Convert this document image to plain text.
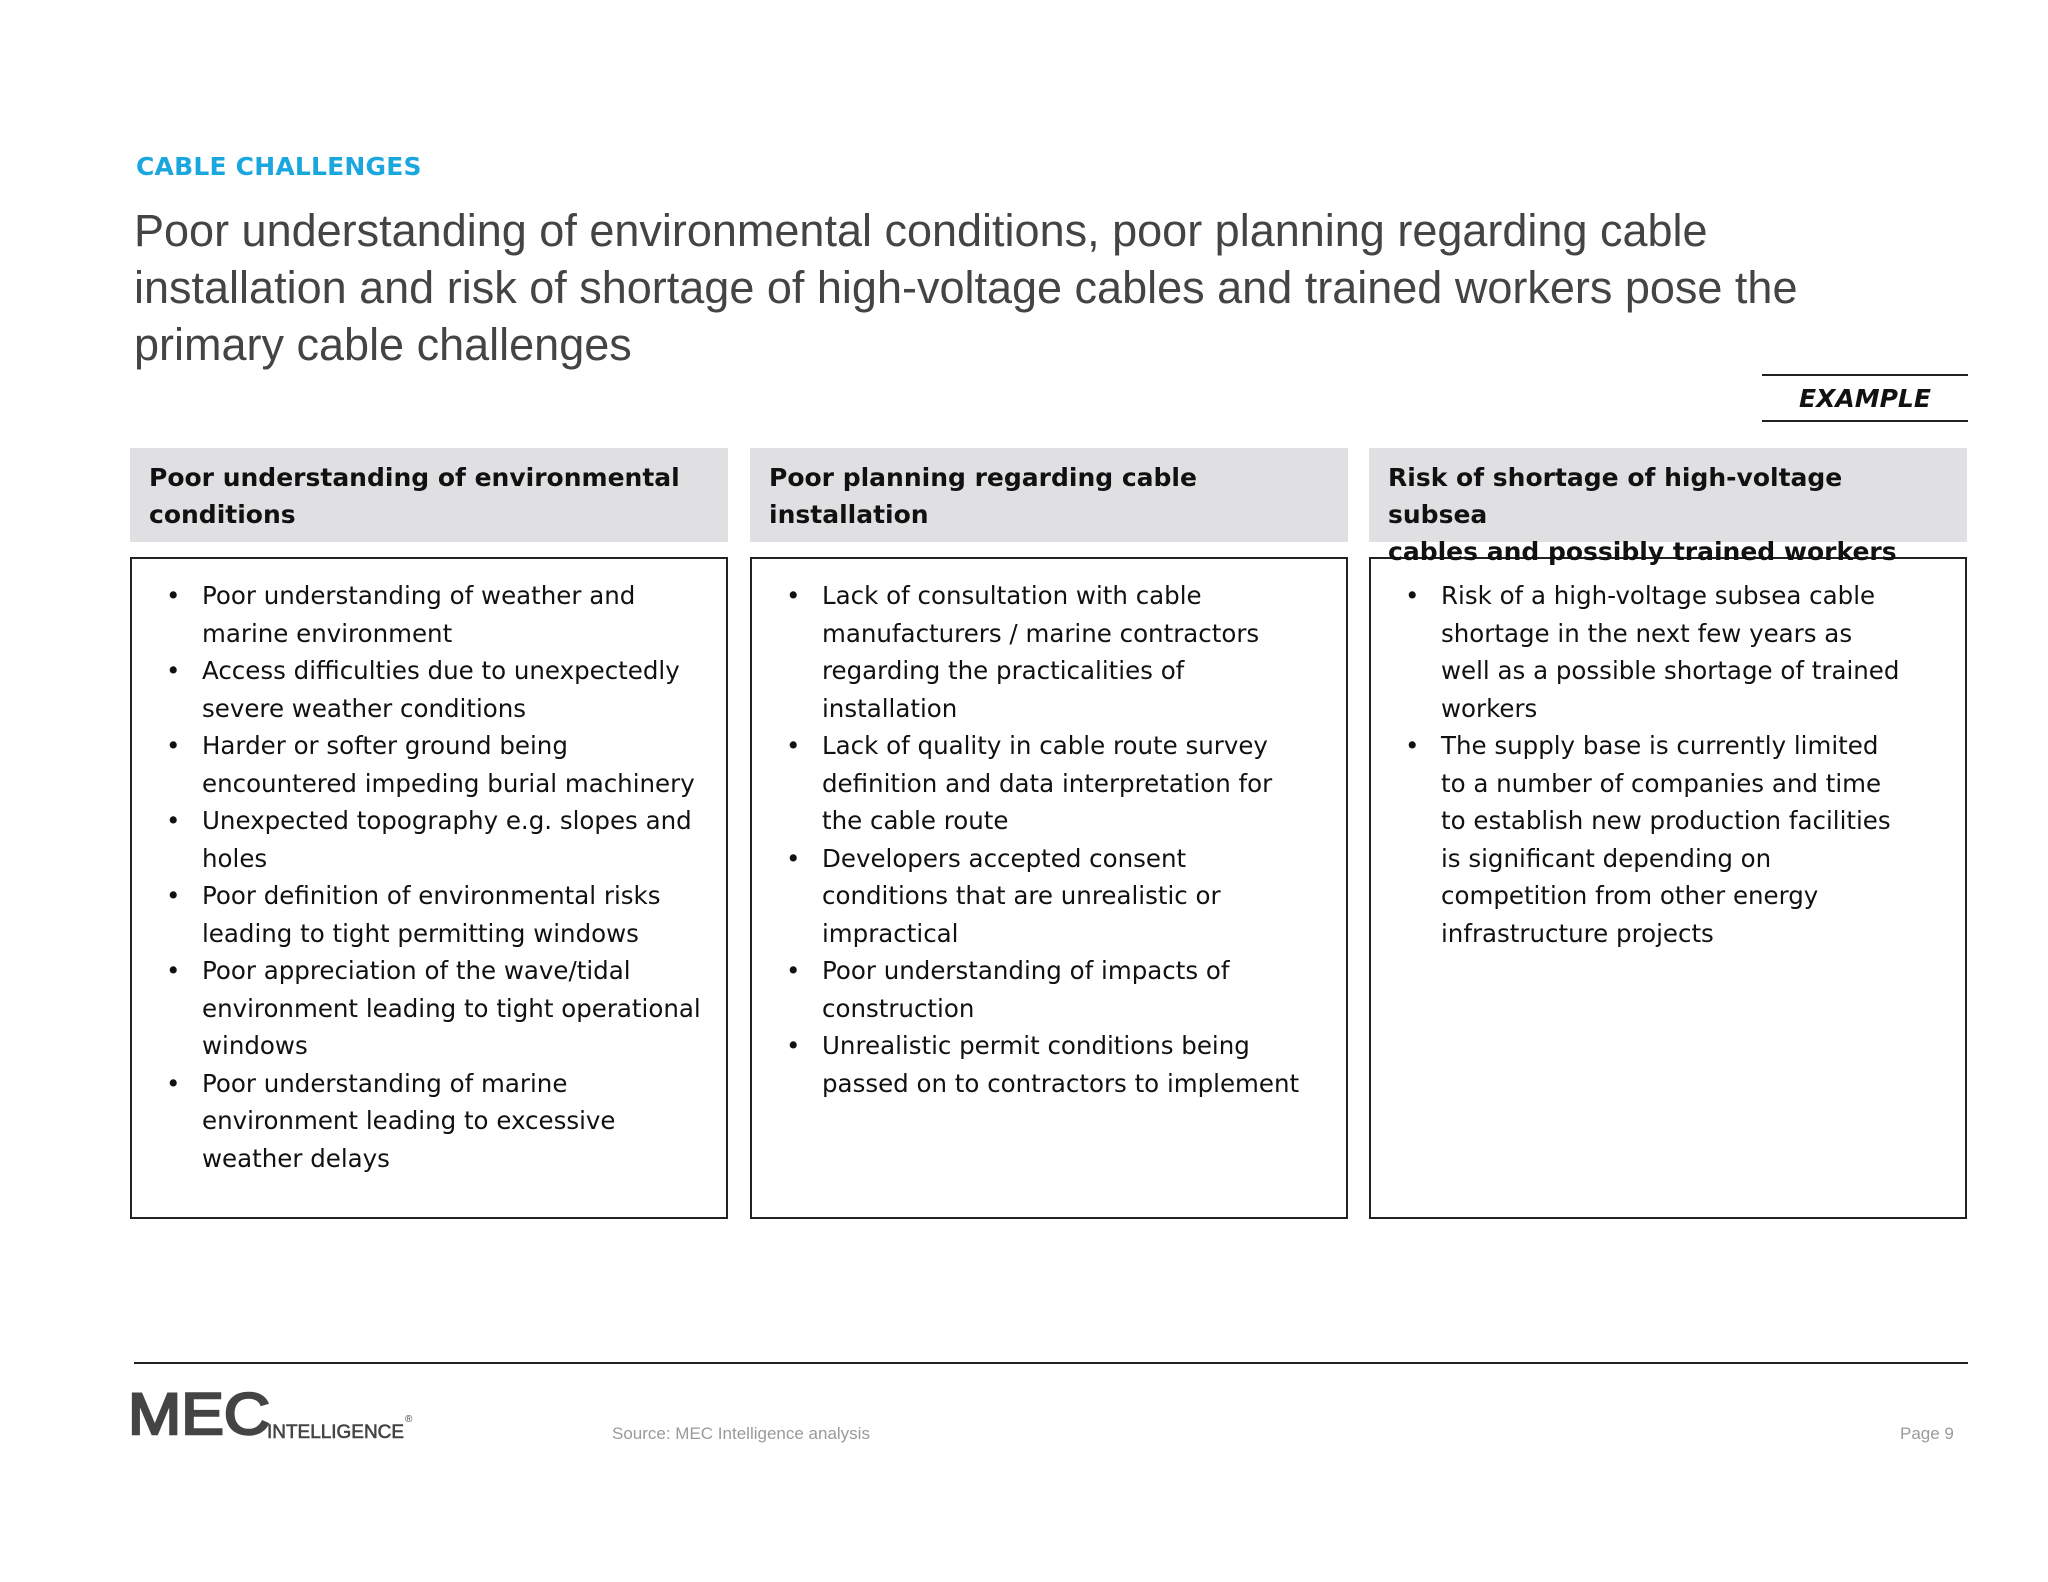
CABLE CHALLENGES
Poor understanding of environmental conditions, poor planning regarding cable
installation and risk of shortage of high-voltage cables and trained workers pose the
primary cable challenges
EXAMPLE
Poor understanding of environmental
conditions
• Poor understanding of weather and
marine environment
• Access difficulties due to unexpectedly
severe weather conditions
• Harder or softer ground being
encountered impeding burial machinery
• Unexpected topography e.g. slopes and
holes
• Poor definition of environmental risks
leading to tight permitting windows
• Poor appreciation of the wave/tidal
environment leading to tight operational
windows
• Poor understanding of marine
environment leading to excessive
weather delays
Poor planning regarding cable installation
• Lack of consultation with cable
manufacturers / marine contractors
regarding the practicalities of
installation
• Lack of quality in cable route survey
definition and data interpretation for
the cable route
• Developers accepted consent
conditions that are unrealistic or
impractical
• Poor understanding of impacts of
construction
• Unrealistic permit conditions being
passed on to contractors to implement
Risk of shortage of high-voltage subsea
cables and possibly trained workers
• Risk of a high-voltage subsea cable
shortage in the next few years as
well as a possible shortage of trained
workers
• The supply base is currently limited
to a number of companies and time
to establish new production facilities
is significant depending on
competition from other energy
infrastructure projects
MEC
INTELLIGENCE
®
Source: MEC Intelligence analysis	Page 9
